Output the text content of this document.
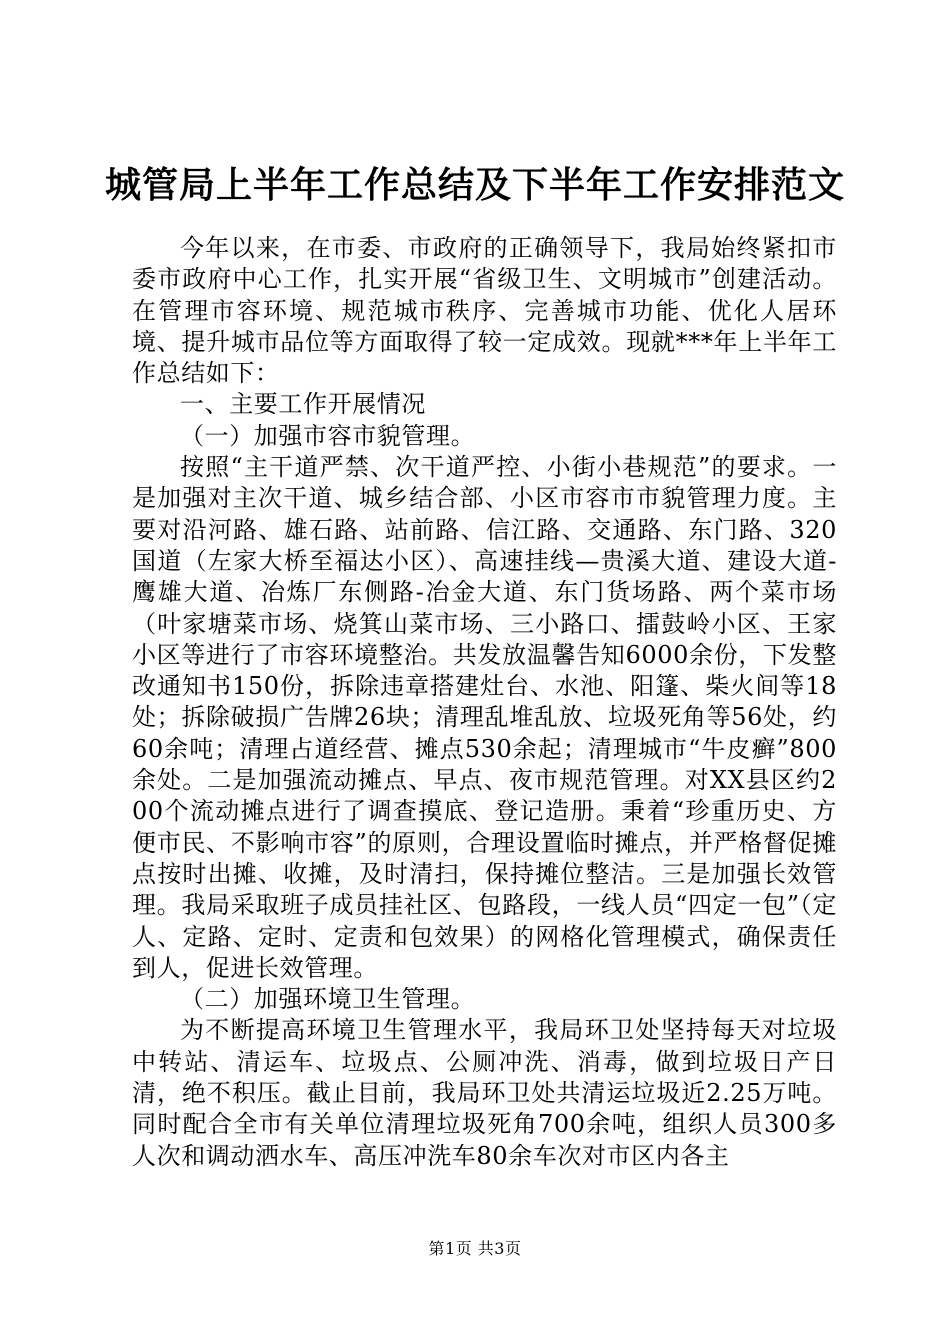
城管局上半年工作总结及下半年工作安排范文

今年以来，在市委、市政府的正确领导下，我局始终紧扣市委市政府中心工作，扎实开展“省级卫生、文明城市”创建活动。在管理市容环境、规范城市秩序、完善城市功能、优化人居环境、提升城市品位等方面取得了较一定成效。现就***年上半年工作总结如下：

一、主要工作开展情况

（一）加强市容市貌管理。

按照“主干道严禁、次干道严控、小街小巷规范”的要求。一是加强对主次干道、城乡结合部、小区市容市市貌管理力度。主要对沿河路、雄石路、站前路、信江路、交通路、东门路、320国道（左家大桥至福达小区）、高速挂线—贵溪大道、建设大道-鹰雄大道、冶炼厂东侧路-冶金大道、东门货场路、两个菜市场（叶家塘菜市场、烧箕山菜市场、三小路口、擂鼓岭小区、王家小区等进行了市容环境整治。共发放温馨告知6000余份，下发整改通知书150份，拆除违章搭建灶台、水池、阳篷、柴火间等18处；拆除破损广告牌26块；清理乱堆乱放、垃圾死角等56处，约60余吨；清理占道经营、摊点530余起；清理城市“牛皮癣”800余处。二是加强流动摊点、早点、夜市规范管理。对XX县区约200个流动摊点进行了调查摸底、登记造册。秉着“珍重历史、方便市民、不影响市容”的原则，合理设置临时摊点，并严格督促摊点按时出摊、收摊，及时清扫，保持摊位整洁。三是加强长效管理。我局采取班子成员挂社区、包路段，一线人员“四定一包”（定人、定路、定时、定责和包效果）的网格化管理模式，确保责任到人，促进长效管理。

（二）加强环境卫生管理。

为不断提高环境卫生管理水平，我局环卫处坚持每天对垃圾中转站、清运车、垃圾点、公厕冲洗、消毒，做到垃圾日产日清，绝不积压。截止目前，我局环卫处共清运垃圾近2.25万吨。同时配合全市有关单位清理垃圾死角700余吨，组织人员300多人次和调动洒水车、高压冲洗车80余车次对市区内各主

第1页 共3页
